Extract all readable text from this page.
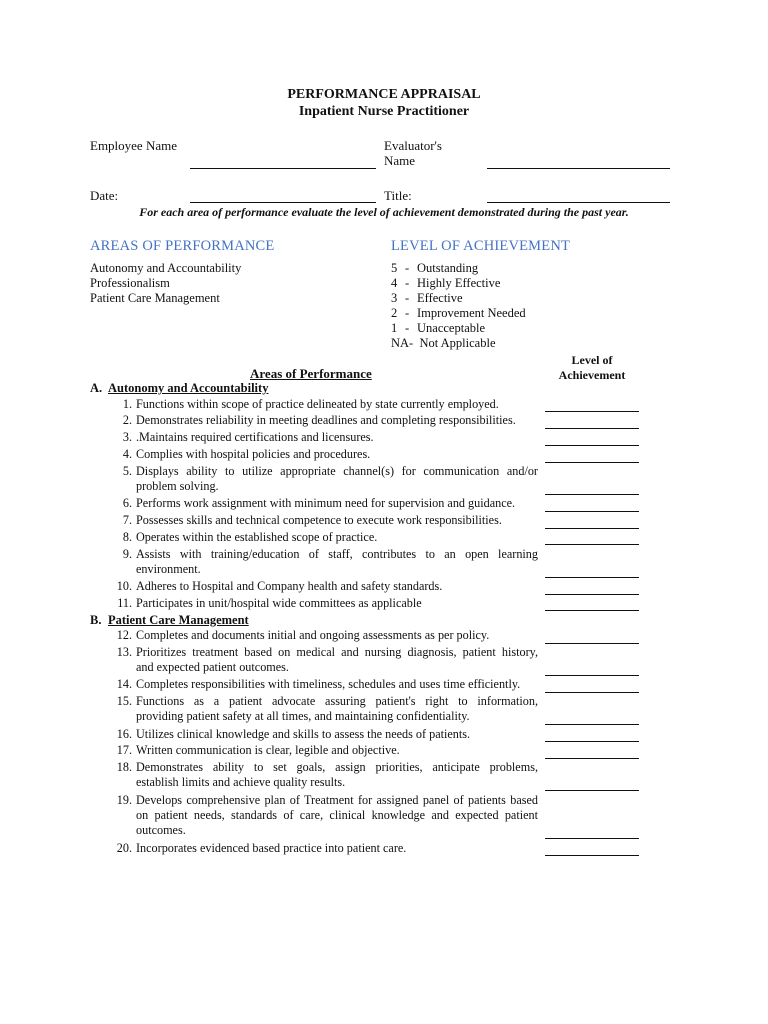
PERFORMANCE APPRAISAL
Inpatient Nurse Practitioner
Employee Name	Evaluator's
Name
Date:	Title:
For each area of performance evaluate the level of achievement demonstrated during the past year.
AREAS OF PERFORMANCE	LEVEL OF ACHIEVEMENT
Autonomy and Accountability
Professionalism
Patient Care Management
5 - Outstanding
4 - Highly Effective
3 - Effective
2 - Improvement Needed
1 - Unacceptable
NA-  Not Applicable
Areas of Performance
Level of
Achievement
A. Autonomy and Accountability
1. Functions within scope of practice delineated by state currently employed.
2. Demonstrates reliability in meeting deadlines and completing responsibilities.
3. .Maintains required certifications and licensures.
4. Complies with hospital policies and procedures.
5. Displays ability to utilize appropriate channel(s) for communication and/or
problem solving.
6. Performs work assignment with minimum need for supervision and guidance.
7. Possesses skills and technical competence to execute work responsibilities.
8. Operates within the established scope of practice.
9. Assists with training/education of staff, contributes to an open learning
environment.
10. Adheres to Hospital and Company health and safety standards.
11. Participates in unit/hospital wide committees as applicable
B. Patient Care Management
12. Completes and documents initial and ongoing assessments as per policy.
13. Prioritizes treatment based on medical and nursing diagnosis, patient history,
and expected patient outcomes.
14. Completes responsibilities with timeliness, schedules and uses time efficiently.
15. Functions as a patient advocate assuring patient's right to information,
providing patient safety at all times, and maintaining confidentiality.
16. Utilizes clinical knowledge and skills to assess the needs of patients.
17. Written communication is clear, legible and objective.
18. Demonstrates ability to set goals, assign priorities, anticipate problems,
establish limits and achieve quality results.
19. Develops comprehensive plan of Treatment for assigned panel of patients based
on patient needs, standards of care, clinical knowledge and expected patient
outcomes.
20. Incorporates evidenced based practice into patient care.
